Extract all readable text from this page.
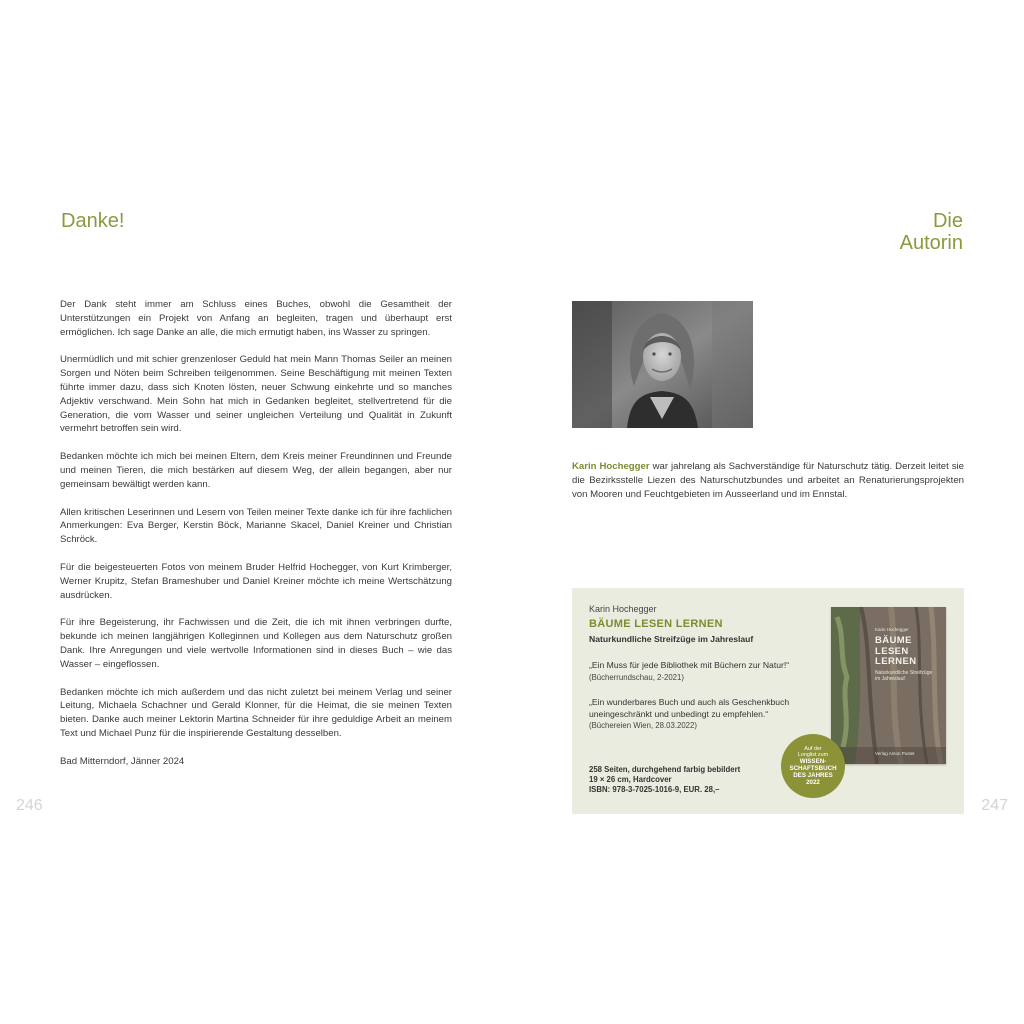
Danke!

Der Dank steht immer am Schluss eines Buches, obwohl die Gesamtheit der Unterstützungen ein Projekt von Anfang an begleiten, tragen und überhaupt erst ermöglichen. Ich sage Danke an alle, die mich ermutigt haben, ins Wasser zu springen.

Unermüdlich und mit schier grenzenloser Geduld hat mein Mann Thomas Seiler an meinen Sorgen und Nöten beim Schreiben teilgenommen. Seine Beschäftigung mit meinen Texten führte immer dazu, dass sich Knoten lösten, neuer Schwung einkehrte und so manches Adjektiv verschwand. Mein Sohn hat mich in Gedanken begleitet, stellvertretend für die Generation, die vom Wasser und seiner ungleichen Verteilung und Qualität in Zukunft vermehrt betroffen sein wird.

Bedanken möchte ich mich bei meinen Eltern, dem Kreis meiner Freundinnen und Freunde und meinen Tieren, die mich bestärken auf diesem Weg, der allein begangen, aber nur gemeinsam bewältigt werden kann.

Allen kritischen Leserinnen und Lesern von Teilen meiner Texte danke ich für ihre fachlichen Anmerkungen: Eva Berger, Kerstin Böck, Marianne Skacel, Daniel Kreiner und Christian Schröck.

Für die beigesteuerten Fotos von meinem Bruder Helfrid Hochegger, von Kurt Krimberger, Werner Krupitz, Stefan Brameshuber und Daniel Kreiner möchte ich meine Wertschätzung ausdrücken.

Für ihre Begeisterung, ihr Fachwissen und die Zeit, die ich mit ihnen verbringen durfte, bekunde ich meinen langjährigen Kolleginnen und Kollegen aus dem Naturschutz großen Dank. Ihre Anregungen und viele wertvolle Informationen sind in dieses Buch – wie das Wasser – eingeflossen.

Bedanken möchte ich mich außerdem und das nicht zuletzt bei meinem Verlag und seiner Leitung, Michaela Schachner und Gerald Klonner, für die Heimat, die sie meinen Texten bieten. Danke auch meiner Lektorin Martina Schneider für ihre geduldige Arbeit an meinem Text und Michael Punz für die inspirierende Gestaltung desselben.

Bad Mitterndorf, Jänner 2024

246
Die
Autorin

Karin Hochegger war jahrelang als Sachverständige für Naturschutz tätig. Derzeit leitet sie die Bezirksstelle Liezen des Naturschutzbundes und arbeitet an Renaturierungsprojekten von Mooren und Feuchtgebieten im Ausseerland und im Ennstal.

Karin Hochegger
BÄUME LESEN LERNEN
Naturkundliche Streifzüge im Jahreslauf
„Ein Muss für jede Bibliothek mit Büchern zur Natur!“
(Bücherrundschau, 2-2021)
„Ein wunderbares Buch und auch als Geschenkbuch uneingeschränkt und unbedingt zu empfehlen.“
(Büchereien Wien, 28.03.2022)
258 Seiten, durchgehend farbig bebildert
19 × 26 cm, Hardcover
ISBN: 978-3-7025-1016-9, EUR. 28,–
Karin Hochegger
BÄUME
LESEN
LERNEN
Naturkundliche Streifzüge im Jahreslauf
Verlag Anton Pustet
Auf der
Longlist zum
WISSEN-
SCHAFTSBUCH
DES JAHRES
2022
247
